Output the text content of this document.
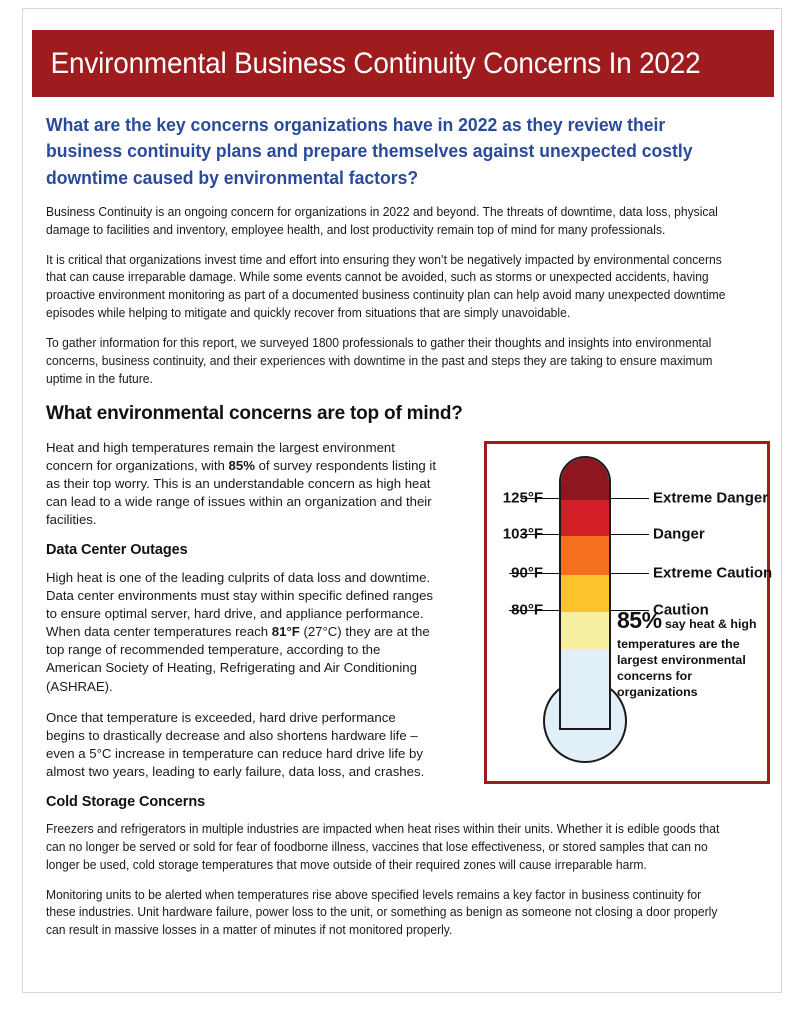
Environmental Business Continuity Concerns In 2022
What are the key concerns organizations have in 2022 as they review their business continuity plans and prepare themselves against unexpected costly downtime caused by environmental factors?

Business Continuity is an ongoing concern for organizations in 2022 and beyond. The threats of downtime, data loss, physical damage to facilities and inventory, employee health, and lost productivity remain top of mind for many professionals.

It is critical that organizations invest time and effort into ensuring they won’t be negatively impacted by environmental concerns that can cause irreparable damage. While some events cannot be avoided, such as storms or unexpected accidents, having proactive environment monitoring as part of a documented business continuity plan can help avoid many unexpected downtime episodes while helping to mitigate and quickly recover from situations that are simply unavoidable.

To gather information for this report, we surveyed 1800 professionals to gather their thoughts and insights into environmental concerns, business continuity, and their experiences with downtime in the past and steps they are taking to ensure maximum uptime in the future.

What environmental concerns are top of mind?

Heat and high temperatures remain the largest environment concern for organizations, with 85% of survey respondents listing it as their top worry. This is an understandable concern as high heat can lead to a wide range of issues within an organization and their facilities.

Data Center Outages

High heat is one of the leading culprits of data loss and downtime. Data center environments must stay within specific defined ranges to ensure optimal server, hard drive, and appliance performance. When data center temperatures reach 81°F (27°C) they are at the top range of recommended temperature, according to the American Society of Heating, Refrigerating and Air Conditioning (ASHRAE).

Once that temperature is exceeded, hard drive performance begins to drastically decrease and also shortens hardware life – even a 5°C increase in temperature can reduce hard drive life by almost two years, leading to early failure, data loss, and crashes.

Cold Storage Concerns
125°F	Extreme Danger
103°F	Danger
90°F	Extreme Caution
80°F	Caution
85% say heat & high temperatures are the largest environmental concerns for organizations

Freezers and refrigerators in multiple industries are impacted when heat rises within their units. Whether it is edible goods that can no longer be served or sold for fear of foodborne illness, vaccines that lose effectiveness, or stored samples that can no longer be used, cold storage temperatures that move outside of their required zones will cause irreparable harm.

Monitoring units to be alerted when temperatures rise above specified levels remains a key factor in business continuity for these industries. Unit hardware failure, power loss to the unit, or something as benign as someone not closing a door properly can result in massive losses in a matter of minutes if not monitored properly.
